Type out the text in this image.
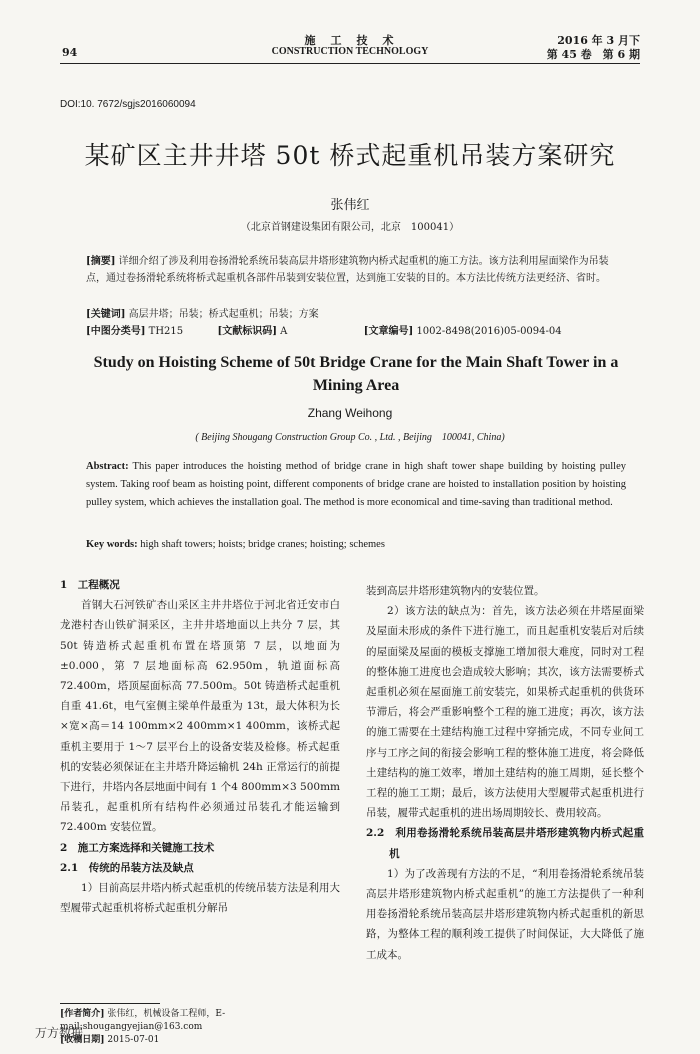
施　工　技　术
CONSTRUCTION TECHNOLOGY
94
2016 年 3 月下
第 45 卷　第 6 期
DOI:10. 7672/sgjs2016060094
某矿区主井井塔 50t 桥式起重机吊装方案研究
张伟红
（北京首钢建设集团有限公司，北京　100041）
[摘要] 详细介绍了涉及利用卷扬滑轮系统吊装高层井塔形建筑物内桥式起重机的施工方法。该方法利用屋面梁作为吊装点，通过卷扬滑轮系统将桥式起重机各部件吊装到安装位置，达到施工安装的目的。本方法比传统方法更经济、省时。
[关键词] 高层井塔；吊装；桥式起重机；吊装；方案
[中图分类号] TH215	[文献标识码] A	[文章编号] 1002-8498(2016)05-0094-04
Study on Hoisting Scheme of 50t Bridge Crane for the Main Shaft Tower in a Mining Area
Zhang Weihong
( Beijing Shougang Construction Group Co. , Ltd. , Beijing　100041, China)
Abstract: This paper introduces the hoisting method of bridge crane in high shaft tower shape building by hoisting pulley system. Taking roof beam as hoisting point, different components of bridge crane are hoisted to installation position by hoisting pulley system, which achieves the installation goal. The method is more economical and time-saving than traditional method.
Key words: high shaft towers; hoists; bridge cranes; hoisting; schemes

1　工程概况

首钢大石河铁矿杏山采区主井井塔位于河北省迁安市白龙港村杏山铁矿洞采区，主井井塔地面以上共分 7 层，其 50t 铸造桥式起重机布置在塔顶第 7 层，以地面为 ±0.000，第 7 层地面标高 62.950m，轨道面标高 72.400m，塔顶屋面标高 77.500m。50t 铸造桥式起重机自重 41.6t，电气室侧主梁单件最重为 13t，最大体积为长×宽×高＝14 100mm×2 400mm×1 400mm，该桥式起重机主要用于 1～7 层平台上的设备安装及检修。桥式起重机的安装必须保证在主井塔升降运输机 24h 正常运行的前提下进行，井塔内各层地面中间有 1 个4 800mm×3 500mm 吊装孔，起重机所有结构件必须通过吊装孔才能运输到 72.400m 安装位置。

2　施工方案选择和关键施工技术

2.1　传统的吊装方法及缺点

1）目前高层井塔内桥式起重机的传统吊装方法是利用大型履带式起重机将桥式起重机分解吊

装到高层井塔形建筑物内的安装位置。

2）该方法的缺点为：首先，该方法必须在井塔屋面梁及屋面未形成的条件下进行施工，而且起重机安装后对后续的屋面梁及屋面的模板支撑施工增加很大难度，同时对工程的整体施工进度也会造成较大影响；其次，该方法需要桥式起重机必须在屋面施工前安装完，如果桥式起重机的供货环节滞后，将会严重影响整个工程的施工进度；再次，该方法的施工需要在土建结构施工过程中穿插完成，不同专业间工序与工序之间的衔接会影响工程的整体施工进度，将会降低土建结构的施工效率，增加土建结构的施工周期，延长整个工程的施工工期；最后，该方法使用大型履带式起重机进行吊装，履带式起重机的进出场周期较长、费用较高。

2.2　利用卷扬滑轮系统吊装高层井塔形建筑物内桥式起重机

1）为了改善现有方法的不足，“利用卷扬滑轮系统吊装高层井塔形建筑物内桥式起重机”的施工方法提供了一种利用卷扬滑轮系统吊装高层井塔形建筑物内桥式起重机的新思路，为整体工程的顺利竣工提供了时间保证，大大降低了施工成本。

[作者简介] 张伟红，机械设备工程师，E-mail:shougangyejian@163.com
[收稿日期] 2015-07-01
万方数据
